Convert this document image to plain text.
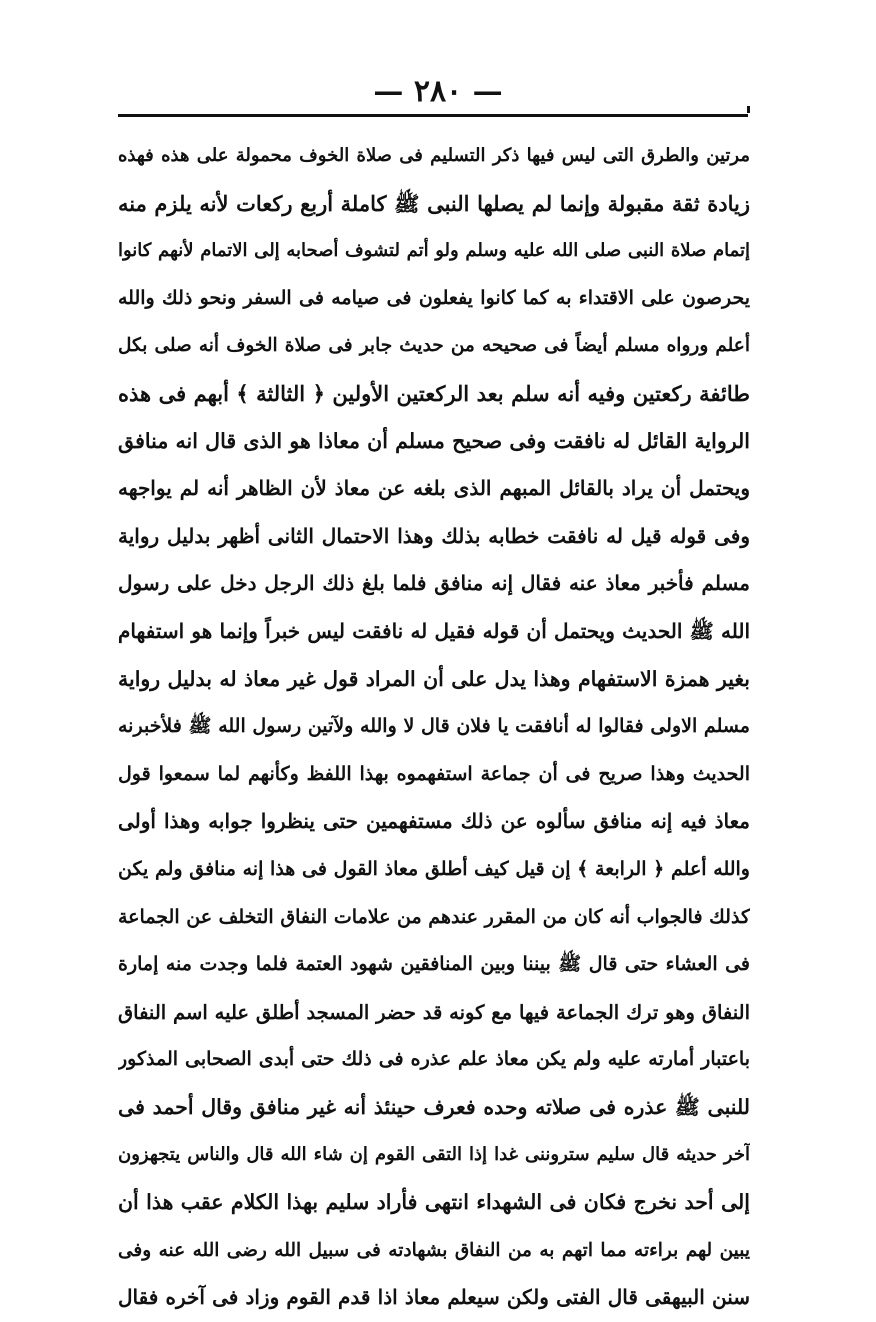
— ٢٨٠ —
مرتين والطرق التى ليس فيها ذكر التسليم فى صلاة الخوف محمولة على هذه فهذه
زيادة ثقة مقبولة وإنما لم يصلها النبى ﷺ كاملة أربع ركعات لأنه يلزم منه
إتمام صلاة النبى صلى الله عليه وسلم ولو أتم لتشوف أصحابه إلى الاتمام لأنهم كانوا
يحرصون على الاقتداء به كما كانوا يفعلون فى صيامه فى السفر ونحو ذلك والله
أعلم ورواه مسلم أيضاً فى صحيحه من حديث جابر فى صلاة الخوف أنه صلى بكل
طائفة ركعتين وفيه أنه سلم بعد الركعتين الأولين ﴿ الثالثة ﴾ أبهم فى هذه
الرواية القائل له نافقت وفى صحيح مسلم أن معاذا هو الذى قال انه منافق
ويحتمل أن يراد بالقائل المبهم الذى بلغه عن معاذ لأن الظاهر أنه لم يواجهه
وفى قوله قيل له نافقت خطابه بذلك وهذا الاحتمال الثانى أظهر بدليل رواية
مسلم فأخبر معاذ عنه فقال إنه منافق فلما بلغ ذلك الرجل دخل على رسول
الله ﷺ الحديث ويحتمل أن قوله فقيل له نافقت ليس خبراً وإنما هو استفهام
بغير همزة الاستفهام وهذا يدل على أن المراد قول غير معاذ له بدليل رواية
مسلم الاولى فقالوا له أنافقت يا فلان قال لا والله ولآتين رسول الله ﷺ فلأخبرنه
الحديث وهذا صريح فى أن جماعة استفهموه بهذا اللفظ وكأنهم لما سمعوا قول
معاذ فيه إنه منافق سألوه عن ذلك مستفهمين حتى ينظروا جوابه وهذا أولى
والله أعلم ﴿ الرابعة ﴾ إن قيل كيف أطلق معاذ القول فى هذا إنه منافق ولم يكن
كذلك فالجواب أنه كان من المقرر عندهم من علامات النفاق التخلف عن الجماعة
فى العشاء حتى قال ﷺ بيننا وبين المنافقين شهود العتمة فلما وجدت منه إمارة
النفاق وهو ترك الجماعة فيها مع كونه قد حضر المسجد أطلق عليه اسم النفاق
باعتبار أمارته عليه ولم يكن معاذ علم عذره فى ذلك حتى أبدى الصحابى المذكور
للنبى ﷺ عذره فى صلاته وحده فعرف حينئذ أنه غير منافق وقال أحمد فى
آخر حديثه قال سليم ستروننى غدا إذا التقى القوم إن شاء الله قال والناس يتجهزون
إلى أحد نخرج فكان فى الشهداء انتهى فأراد سليم بهذا الكلام عقب هذا أن
يبين لهم براءته مما اتهم به من النفاق بشهادته فى سبيل الله رضى الله عنه وفى
سنن البيهقى قال الفتى ولكن سيعلم معاذ اذا قدم القوم وزاد فى آخره فقال
